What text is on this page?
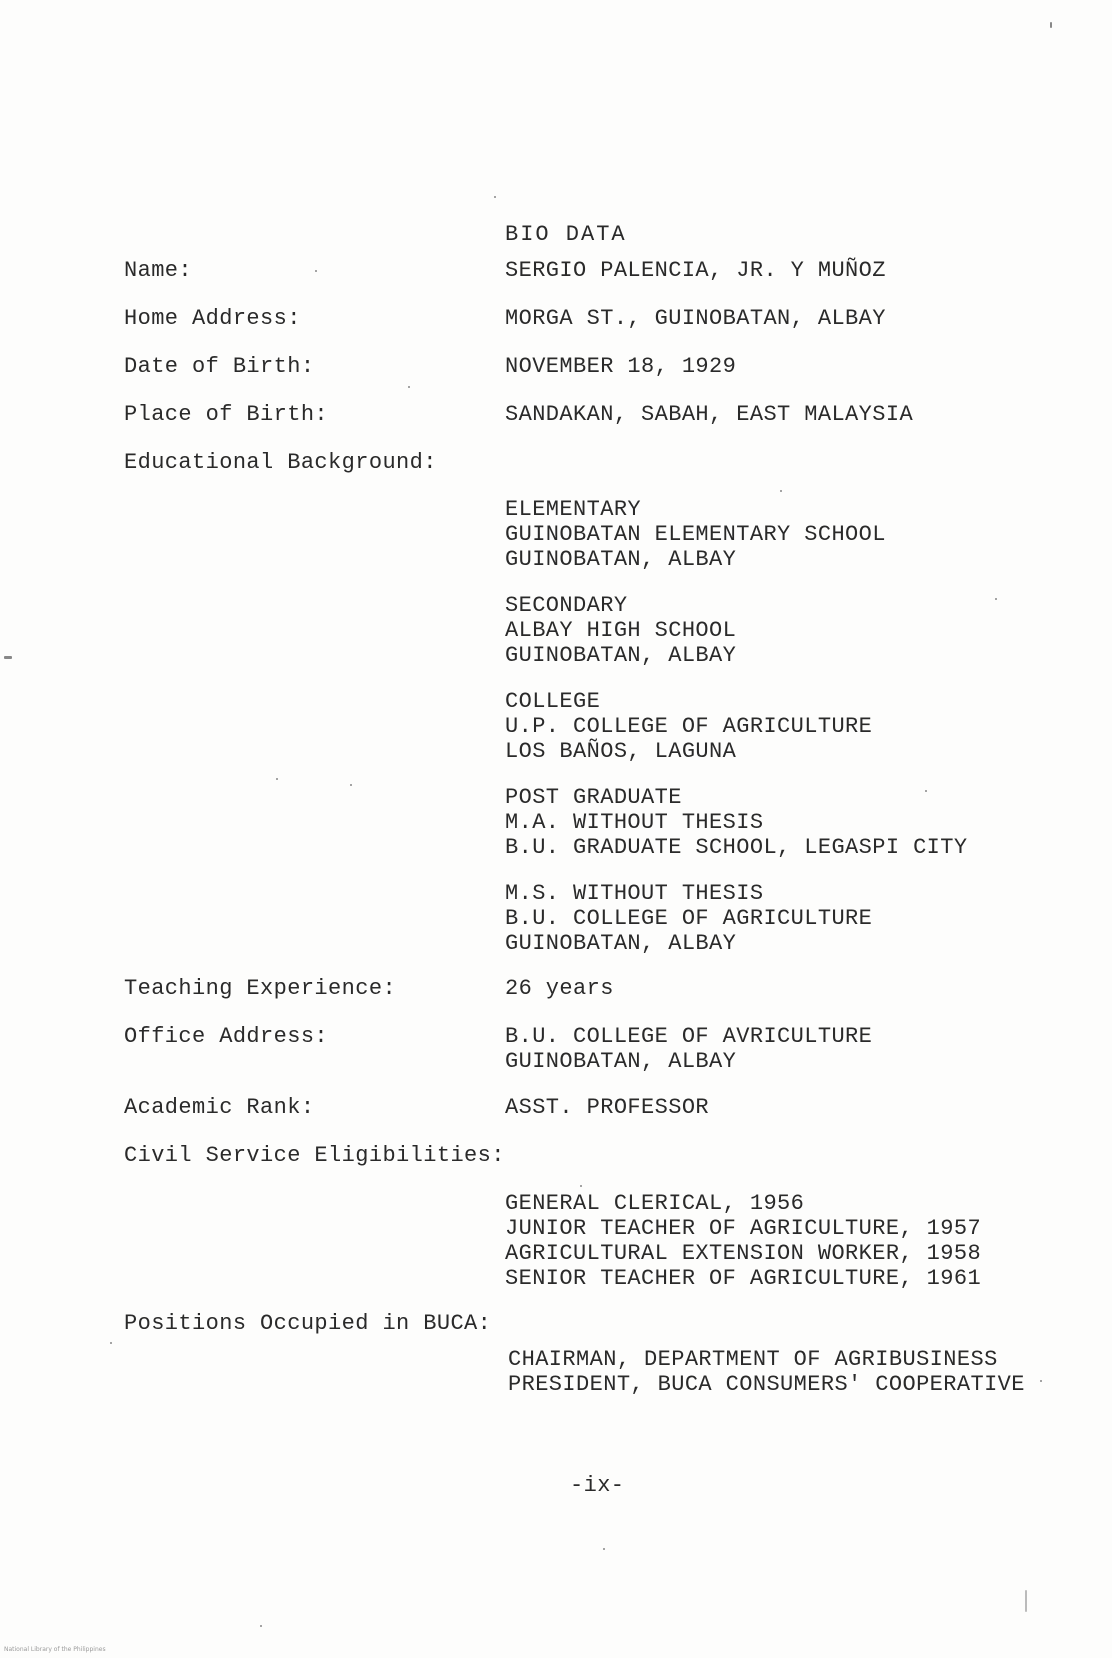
BIO DATA
Name:	SERGIO PALENCIA, JR. Y MUÑOZ
Home Address:	MORGA ST., GUINOBATAN, ALBAY
Date of Birth:	NOVEMBER 18, 1929
Place of Birth:	SANDAKAN, SABAH, EAST MALAYSIA
Educational Background:
ELEMENTARY
GUINOBATAN ELEMENTARY SCHOOL
GUINOBATAN, ALBAY
SECONDARY
ALBAY HIGH SCHOOL
GUINOBATAN, ALBAY
COLLEGE
U.P. COLLEGE OF AGRICULTURE
LOS BAÑOS, LAGUNA
POST GRADUATE
M.A. WITHOUT THESIS
B.U. GRADUATE SCHOOL, LEGASPI CITY
M.S. WITHOUT THESIS
B.U. COLLEGE OF AGRICULTURE
GUINOBATAN, ALBAY
Teaching Experience:	26 years
Office Address:	B.U. COLLEGE OF AVRICULTURE
GUINOBATAN, ALBAY
Academic Rank:	ASST. PROFESSOR
Civil Service Eligibilities:
GENERAL CLERICAL, 1956
JUNIOR TEACHER OF AGRICULTURE, 1957
AGRICULTURAL EXTENSION WORKER, 1958
SENIOR TEACHER OF AGRICULTURE, 1961
Positions Occupied in BUCA:
CHAIRMAN, DEPARTMENT OF AGRIBUSINESS
PRESIDENT, BUCA CONSUMERS' COOPERATIVE
-ix-
National Library of the Philippines
